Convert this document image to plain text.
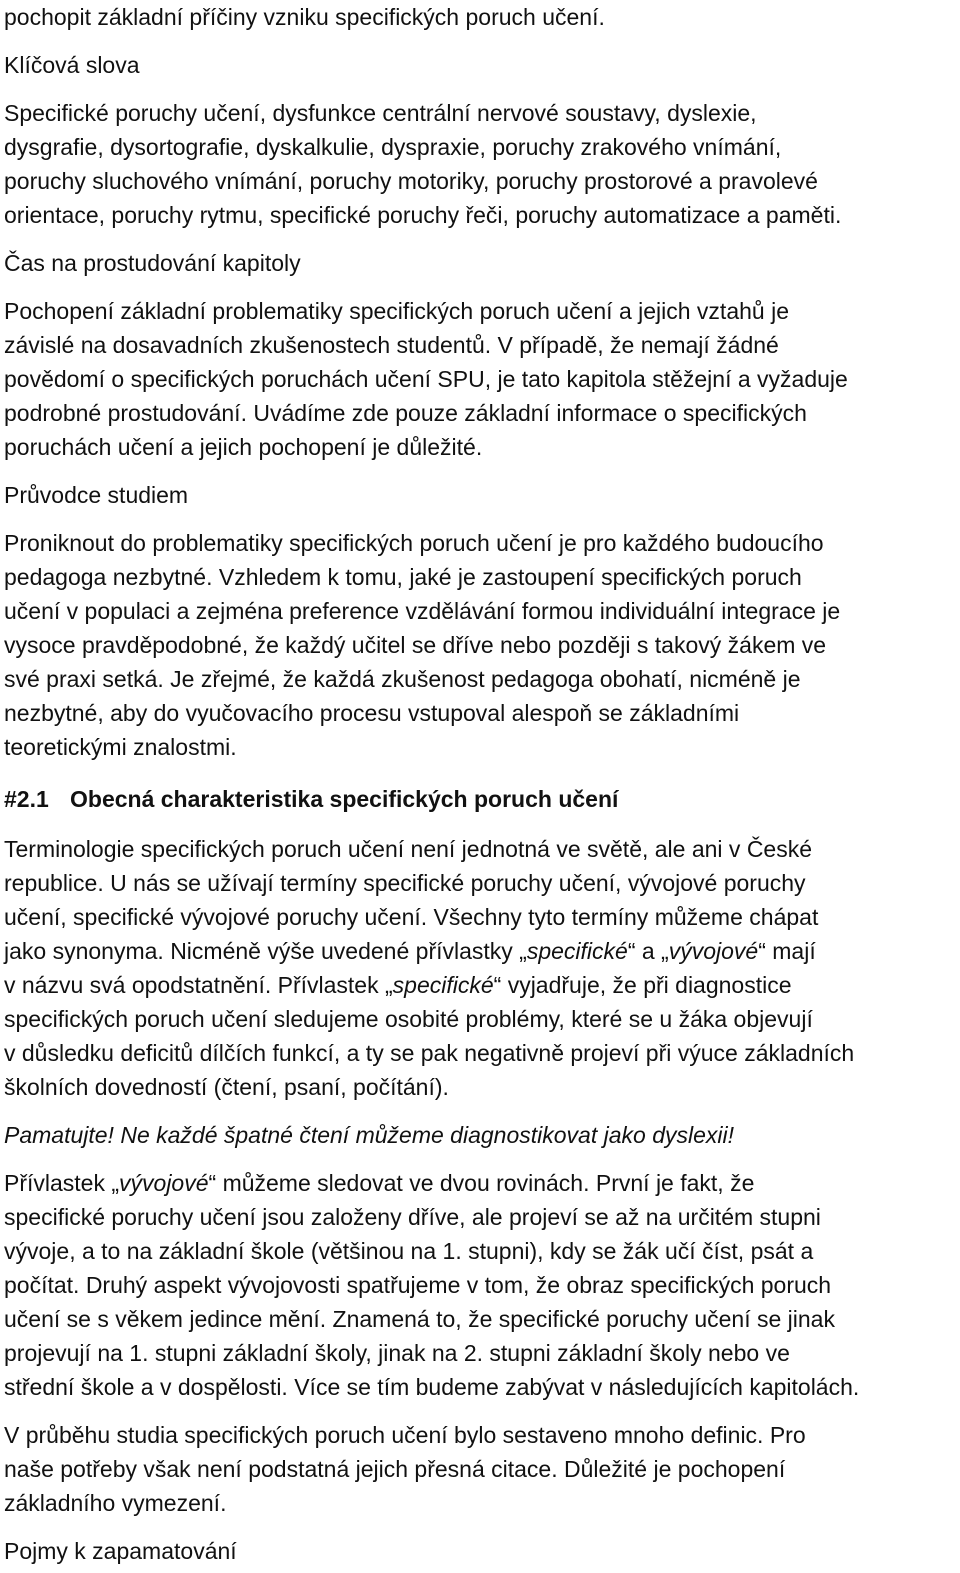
pochopit základní příčiny vzniku specifických poruch učení.
Klíčová slova
Specifické poruchy učení, dysfunkce centrální nervové soustavy, dyslexie,
dysgrafie, dysortografie, dyskalkulie, dyspraxie, poruchy zrakového vnímání,
poruchy sluchového vnímání, poruchy motoriky, poruchy prostorové a pravolevé
orientace, poruchy rytmu, specifické poruchy řeči, poruchy automatizace a paměti.
Čas na prostudování kapitoly
Pochopení základní problematiky specifických poruch učení a jejich vztahů je
závislé na dosavadních zkušenostech studentů. V případě, že nemají žádné
povědomí o specifických poruchách učení SPU, je tato kapitola stěžejní a vyžaduje
podrobné prostudování. Uvádíme zde pouze základní informace o specifických
poruchách učení a jejich pochopení je důležité.
Průvodce studiem
Proniknout do problematiky specifických poruch učení je pro každého budoucího
pedagoga nezbytné. Vzhledem k tomu, jaké je zastoupení specifických poruch
učení v populaci a zejména preference vzdělávání formou individuální integrace je
vysoce pravděpodobné, že každý učitel se dříve nebo později s takový žákem ve
své praxi setká. Je zřejmé, že každá zkušenost pedagoga obohatí, nicméně je
nezbytné, aby do vyučovacího procesu vstupoval alespoň se základními
teoretickými znalostmi.
#2.1 Obecná charakteristika specifických poruch učení
Terminologie specifických poruch učení není jednotná ve světě, ale ani v České
republice. U nás se užívají termíny specifické poruchy učení, vývojové poruchy
učení, specifické vývojové poruchy učení. Všechny tyto termíny můžeme chápat
jako synonyma. Nicméně výše uvedené přívlastky „specifické“ a „vývojové“ mají
v názvu svá opodstatnění. Přívlastek „specifické“ vyjadřuje, že při diagnostice
specifických poruch učení sledujeme osobité problémy, které se u žáka objevují
v důsledku deficitů dílčích funkcí, a ty se pak negativně projeví při výuce základních
školních dovedností (čtení, psaní, počítání).
Pamatujte! Ne každé špatné čtení můžeme diagnostikovat jako dyslexii!
Přívlastek „vývojové“ můžeme sledovat ve dvou rovinách. První je fakt, že
specifické poruchy učení jsou založeny dříve, ale projeví se až na určitém stupni
vývoje, a to na základní škole (většinou na 1. stupni), kdy se žák učí číst, psát a
počítat. Druhý aspekt vývojovosti spatřujeme v tom, že obraz specifických poruch
učení se s věkem jedince mění. Znamená to, že specifické poruchy učení se jinak
projevují na 1. stupni základní školy, jinak na 2. stupni základní školy nebo ve
střední škole a v dospělosti. Více se tím budeme zabývat v následujících kapitolách.
V průběhu studia specifických poruch učení bylo sestaveno mnoho definic. Pro
naše potřeby však není podstatná jejich přesná citace. Důležité je pochopení
základního vymezení.
Pojmy k zapamatování
